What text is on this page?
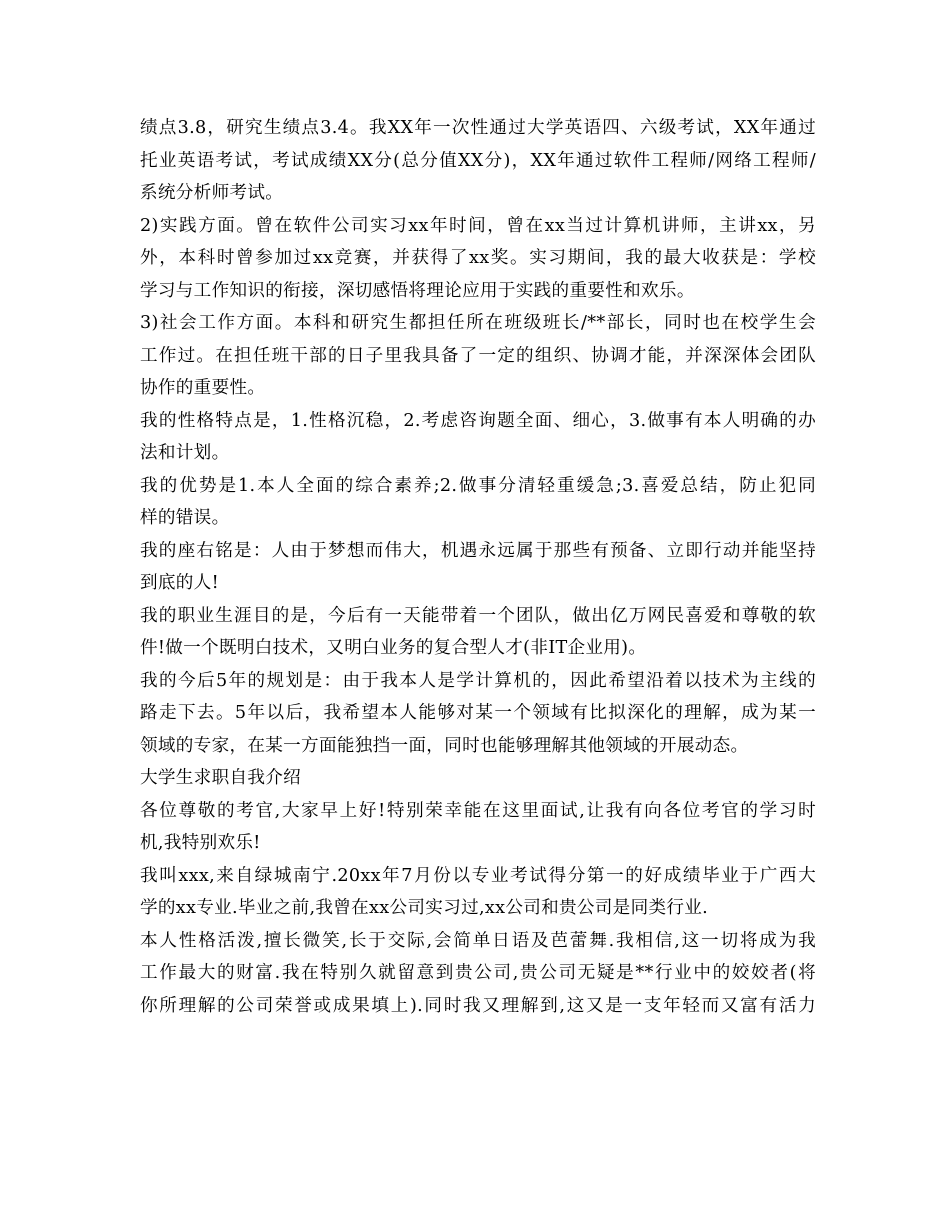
绩点3.8，研究生绩点3.4。我XX年一次性通过大学英语四、六级考试，XX年通过
托业英语考试，考试成绩XX分(总分值XX分)，XX年通过软件工程师/网络工程师/
系统分析师考试。
2)实践方面。曾在软件公司实习xx年时间，曾在xx当过计算机讲师，主讲xx，另
外，本科时曾参加过xx竞赛，并获得了xx奖。实习期间，我的最大收获是：学校
学习与工作知识的衔接，深切感悟将理论应用于实践的重要性和欢乐。
3)社会工作方面。本科和研究生都担任所在班级班长/**部长，同时也在校学生会
工作过。在担任班干部的日子里我具备了一定的组织、协调才能，并深深体会团队
协作的重要性。
我的性格特点是，1.性格沉稳，2.考虑咨询题全面、细心，3.做事有本人明确的办
法和计划。
我的优势是1.本人全面的综合素养;2.做事分清轻重缓急;3.喜爱总结，防止犯同
样的错误。
我的座右铭是：人由于梦想而伟大，机遇永远属于那些有预备、立即行动并能坚持
到底的人!
我的职业生涯目的是，今后有一天能带着一个团队，做出亿万网民喜爱和尊敬的软
件!做一个既明白技术，又明白业务的复合型人才(非IT企业用)。
我的今后5年的规划是：由于我本人是学计算机的，因此希望沿着以技术为主线的
路走下去。5年以后，我希望本人能够对某一个领域有比拟深化的理解，成为某一
领域的专家，在某一方面能独挡一面，同时也能够理解其他领域的开展动态。
大学生求职自我介绍
各位尊敬的考官,大家早上好!特别荣幸能在这里面试,让我有向各位考官的学习时
机,我特别欢乐!
我叫xxx,来自绿城南宁.20xx年7月份以专业考试得分第一的好成绩毕业于广西大
学的xx专业.毕业之前,我曾在xx公司实习过,xx公司和贵公司是同类行业.
本人性格活泼,擅长微笑,长于交际,会简单日语及芭蕾舞.我相信,这一切将成为我
工作最大的财富.我在特别久就留意到贵公司,贵公司无疑是**行业中的姣姣者(将
你所理解的公司荣誉或成果填上).同时我又理解到,这又是一支年轻而又富有活力
